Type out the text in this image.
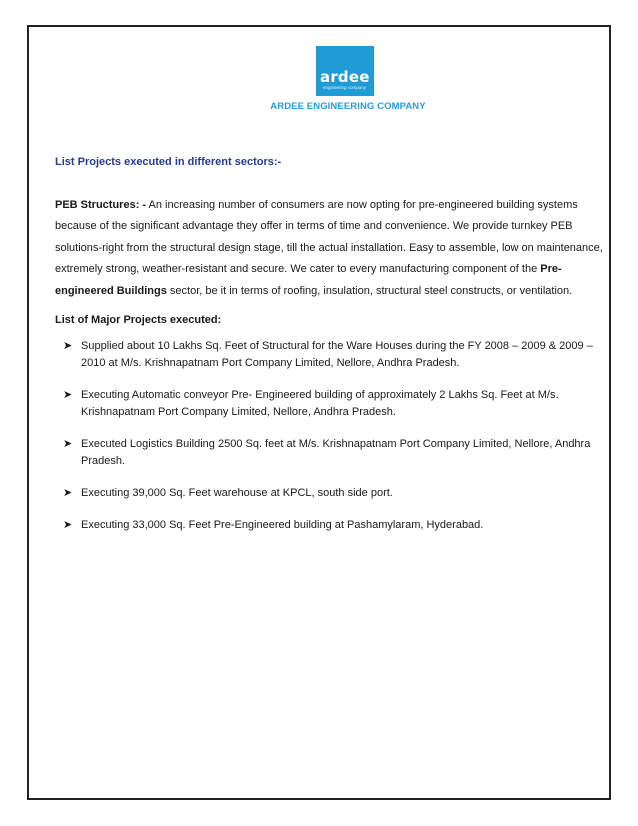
ardee
engineering company
ARDEE ENGINEERING COMPANY

List Projects executed in different sectors:-

PEB Structures: - An increasing number of consumers are now opting for pre-engineered building systems because of the significant advantage they offer in terms of time and convenience. We provide turnkey PEB solutions-right from the structural design stage, till the actual installation. Easy to assemble, low on maintenance, extremely strong, weather-resistant and secure. We cater to every manufacturing component of the Pre-engineered Buildings sector, be it in terms of roofing, insulation, structural steel constructs, or ventilation.

List of Major Projects executed:

➤ Supplied about 10 Lakhs Sq. Feet of Structural for the Ware Houses during the FY 2008 – 2009 & 2009 – 2010 at M/s. Krishnapatnam Port Company Limited, Nellore, Andhra Pradesh.
➤ Executing Automatic conveyor Pre- Engineered building of approximately 2 Lakhs Sq. Feet at M/s. Krishnapatnam Port Company Limited, Nellore, Andhra Pradesh.
➤ Executed Logistics Building 2500 Sq. feet at M/s. Krishnapatnam Port Company Limited, Nellore, Andhra Pradesh.
➤ Executing 39,000 Sq. Feet warehouse at KPCL, south side port.
➤ Executing 33,000 Sq. Feet Pre-Engineered building at Pashamylaram, Hyderabad.
